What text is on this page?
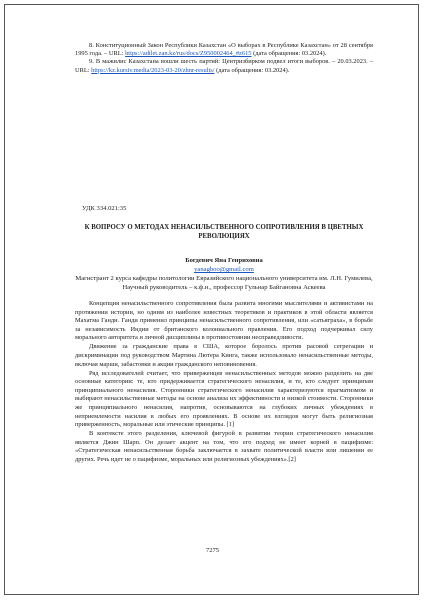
8. Конституционный Закон Республики Казахстан «О выборах в Республике Казахстан» от 28 сентября 1995 года. – URL: https://adilet.zan.kz/rus/docs/Z950002464_#z615 (дата обращения: 03.2024).

9. В мажилис Казахстана вошли шесть партий: Центризбирком подвел итоги выборов. – 20.03.2023. – URL: https://kz.kursiv.media/2023-03-20/zhnr-results/ (дата обращения: 03.2024).

УДК 334.021:35
К ВОПРОСУ О МЕТОДАХ НЕНАСИЛЬСТВЕННОГО СОПРОТИВЛЕНИЯ В ЦВЕТНЫХ РЕВОЛЮЦИЯХ
Богдевич Яна Генриховна
yanagboo@gmail.com
Магистрант 2 курса кафедры политологии Евразийского национального университета им. Л.Н. Гумилева,
Научный руководитель – к.ф.н., профессор Гульнар Байгановна Аскеева

Концепция ненасильственного сопротивления была развита многими мыслителями и активистами на протяжении истории, но одним из наиболее известных теоретиков и практиков в этой области является Махатма Ганди. Ганди применил принципы ненасильственного сопротивления, или «сатьяграха», в борьбе за независимость Индии от британского колониального правления. Его подход подчеркивал силу морального авторитета и личной дисциплины в противостоянии несправедливости.

Движение за гражданские права в США, которое боролось против расовой сегрегации и дискриминации под руководством Мартина Лютера Кинга, также использовало ненасильственные методы, включая марши, забастовки и акции гражданского неповиновения.

Ряд исследователей считает, что приверженцев ненасильственных методов можно разделить на две основные категории: те, кто придерживается стратегического ненасилия, и те, кто следует принципам принципиального ненасилия. Сторонники стратегического ненасилия характеризуются прагматизмом и выбирают ненасильственные методы на основе анализа их эффективности и низкой стоимости. Сторонники же принципиального ненасилия, напротив, основываются на глубоких личных убеждениях в неприемлемости насилия в любых его проявлениях. В основе их взглядов могут быть религиозная приверженность, моральные или этические принципы. [1]

В контексте этого разделения, ключевой фигурой в развитии теории стратегического ненасилия является Джин Шарп. Он делает акцент на том, что его подход не имеет корней в пацифизме: «Стратегическая ненасильственная борьба заключается в захвате политической власти или лишении ее других. Речь идет не о пацифизме, моральных или религиозных убеждениях».[2]

7275
